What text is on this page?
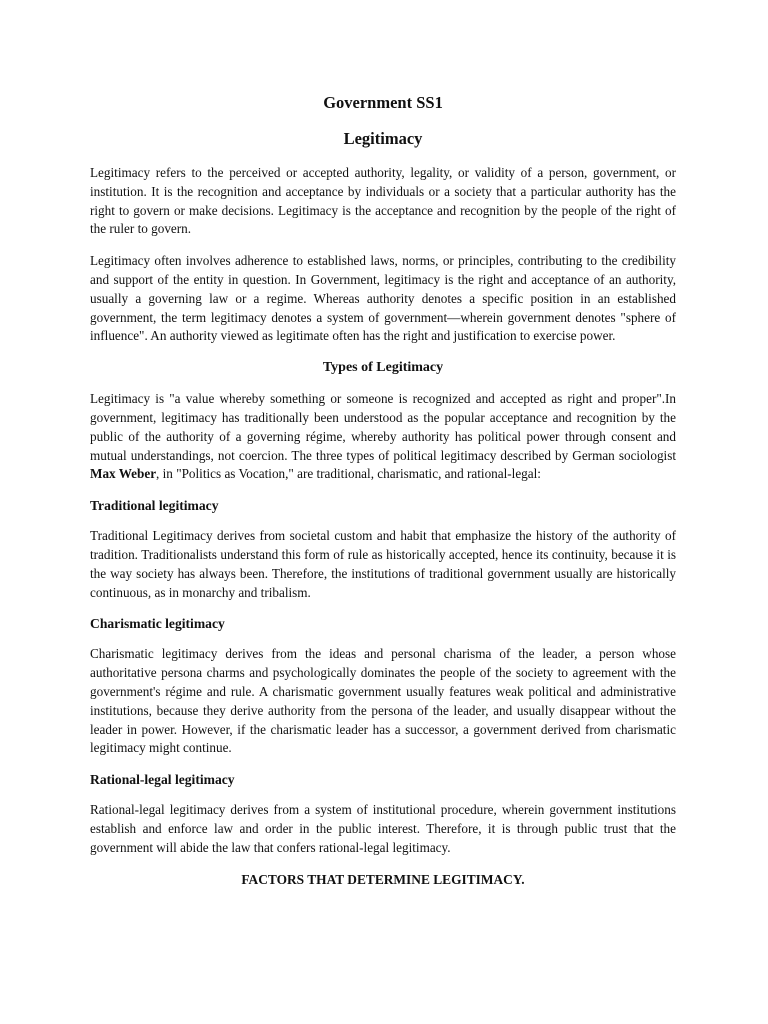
Government SS1
Legitimacy

Legitimacy refers to the perceived or accepted authority, legality, or validity of a person, government, or institution. It is the recognition and acceptance by individuals or a society that a particular authority has the right to govern or make decisions. Legitimacy is the acceptance and recognition by the people of the right of the ruler to govern.

Legitimacy often involves adherence to established laws, norms, or principles, contributing to the credibility and support of the entity in question. In Government, legitimacy is the right and acceptance of an authority, usually a governing law or a regime. Whereas authority denotes a specific position in an established government, the term legitimacy denotes a system of government—wherein government denotes "sphere of influence". An authority viewed as legitimate often has the right and justification to exercise power.

Types of Legitimacy

Legitimacy is "a value whereby something or someone is recognized and accepted as right and proper".In government, legitimacy has traditionally been understood as the popular acceptance and recognition by the public of the authority of a governing régime, whereby authority has political power through consent and mutual understandings, not coercion. The three types of political legitimacy described by German sociologist Max Weber, in "Politics as Vocation," are traditional, charismatic, and rational-legal:

Traditional legitimacy

Traditional Legitimacy derives from societal custom and habit that emphasize the history of the authority of tradition. Traditionalists understand this form of rule as historically accepted, hence its continuity, because it is the way society has always been. Therefore, the institutions of traditional government usually are historically continuous, as in monarchy and tribalism.

Charismatic legitimacy

Charismatic legitimacy derives from the ideas and personal charisma of the leader, a person whose authoritative persona charms and psychologically dominates the people of the society to agreement with the government's régime and rule. A charismatic government usually features weak political and administrative institutions, because they derive authority from the persona of the leader, and usually disappear without the leader in power. However, if the charismatic leader has a successor, a government derived from charismatic legitimacy might continue.

Rational-legal legitimacy

Rational-legal legitimacy derives from a system of institutional procedure, wherein government institutions establish and enforce law and order in the public interest. Therefore, it is through public trust that the government will abide the law that confers rational-legal legitimacy.

FACTORS THAT DETERMINE LEGITIMACY.
